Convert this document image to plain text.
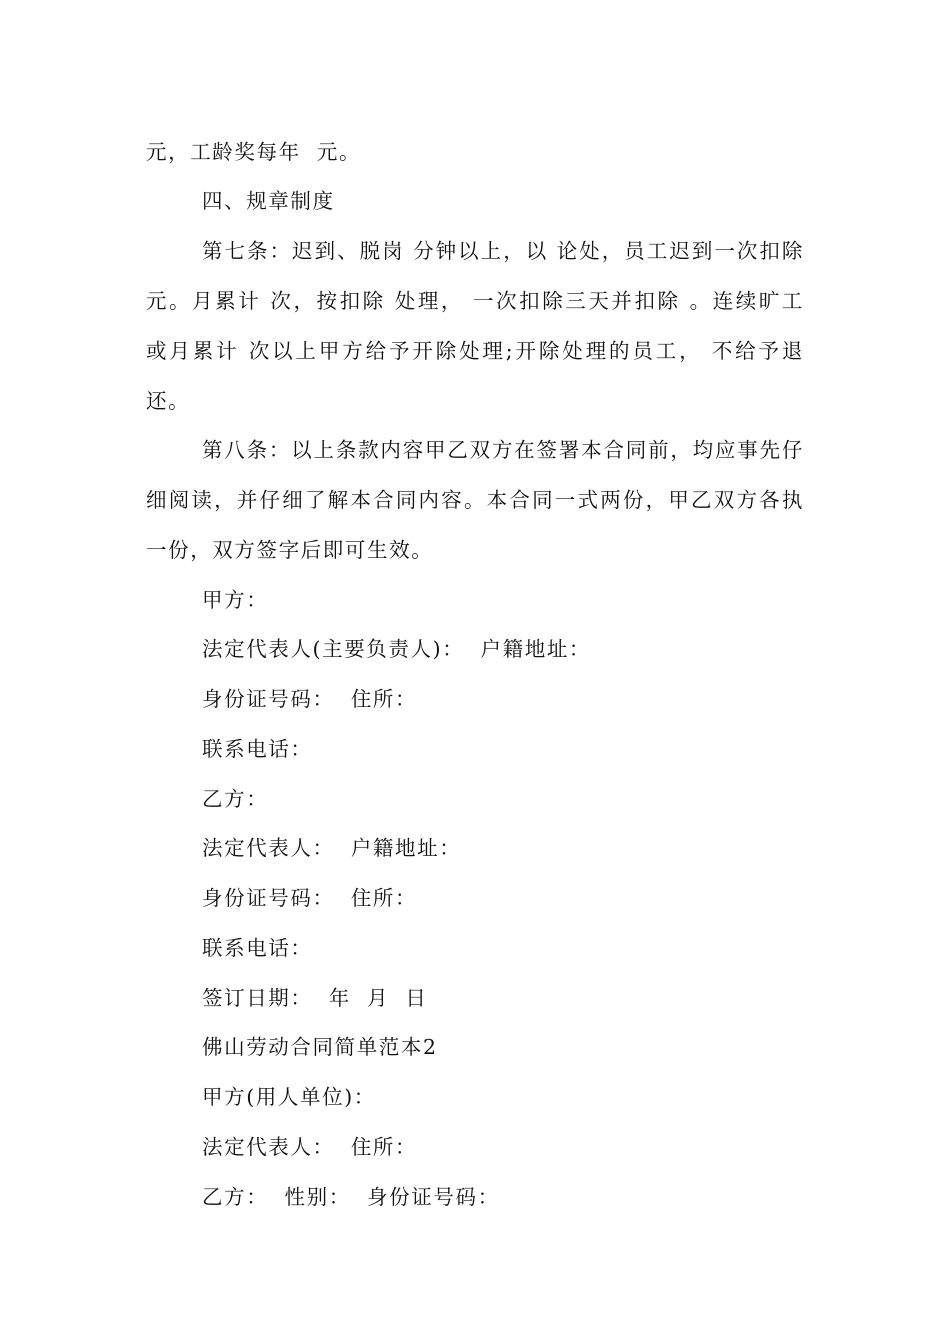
元，工龄奖每年  元。
四、规章制度
第七条：迟到、脱岗 分钟以上，以 论处，员工迟到一次扣除
元。月累计 次，按扣除 处理， 一次扣除三天并扣除 。连续旷工
或月累计 次以上甲方给予开除处理;开除处理的员工， 不给予退
还。
第八条：以上条款内容甲乙双方在签署本合同前，均应事先仔
细阅读，并仔细了解本合同内容。本合同一式两份，甲乙双方各执
一份，双方签字后即可生效。
甲方：
法定代表人(主要负责人)：  户籍地址：
身份证号码：  住所：
联系电话：
乙方：
法定代表人：  户籍地址：
身份证号码：  住所：
联系电话：
签订日期：  年  月  日
佛山劳动合同简单范本2
甲方(用人单位)：
法定代表人：  住所：
乙方：  性别：  身份证号码：
